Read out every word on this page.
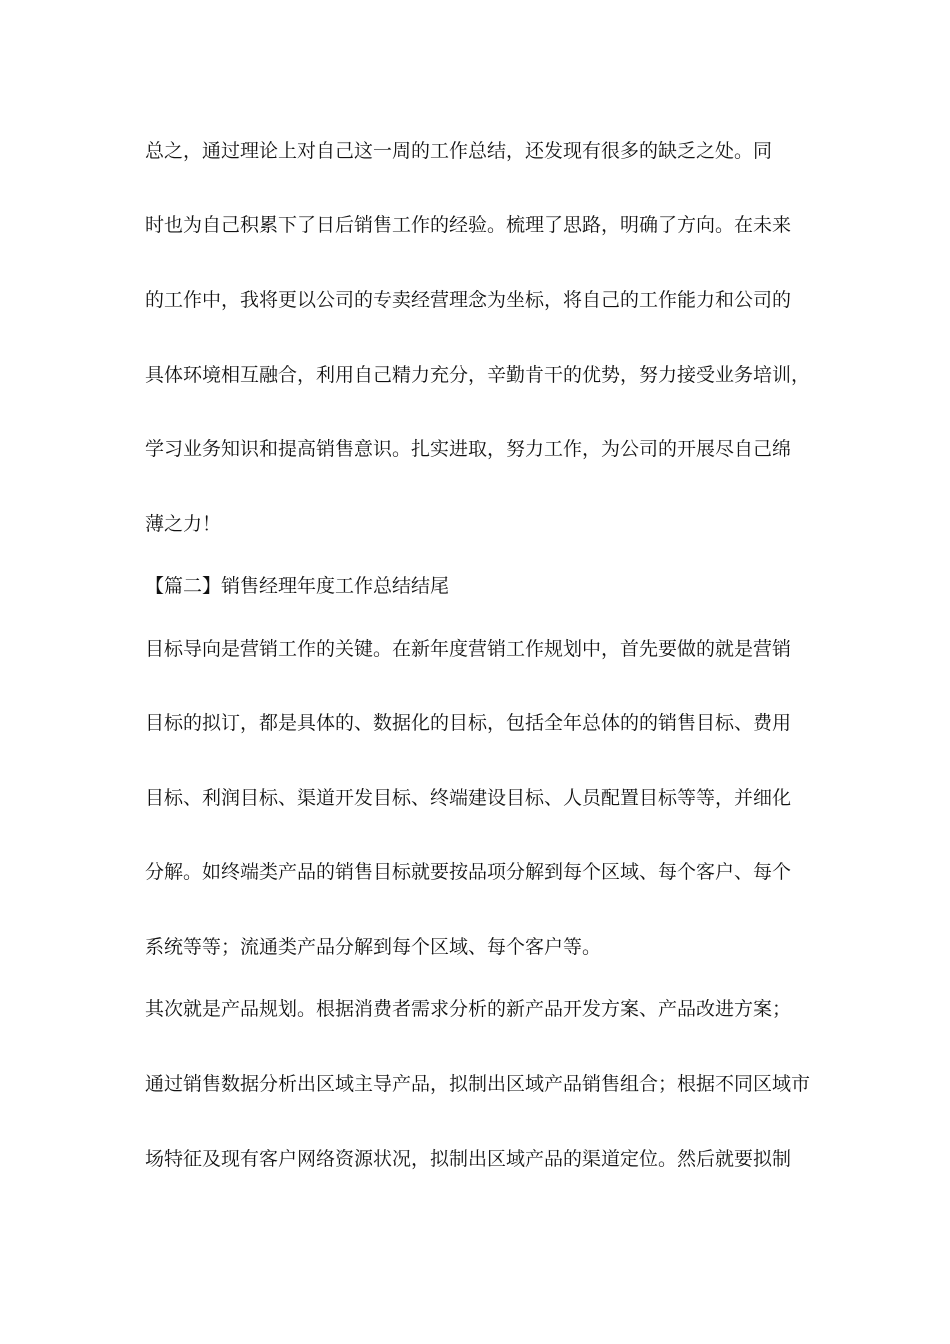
总之，通过理论上对自己这一周的工作总结，还发现有很多的缺乏之处。同
时也为自己积累下了日后销售工作的经验。梳理了思路，明确了方向。在未来
的工作中，我将更以公司的专卖经营理念为坐标，将自己的工作能力和公司的
具体环境相互融合，利用自己精力充分，辛勤肯干的优势，努力接受业务培训，
学习业务知识和提高销售意识。扎实进取，努力工作，为公司的开展尽自己绵
薄之力！
【篇二】销售经理年度工作总结结尾
目标导向是营销工作的关键。在新年度营销工作规划中，首先要做的就是营销
目标的拟订，都是具体的、数据化的目标，包括全年总体的的销售目标、费用
目标、利润目标、渠道开发目标、终端建设目标、人员配置目标等等，并细化
分解。如终端类产品的销售目标就要按品项分解到每个区域、每个客户、每个
系统等等；流通类产品分解到每个区域、每个客户等。
其次就是产品规划。根据消费者需求分析的新产品开发方案、产品改进方案；
通过销售数据分析出区域主导产品，拟制出区域产品销售组合；根据不同区域市
场特征及现有客户网络资源状况，拟制出区域产品的渠道定位。然后就要拟制
